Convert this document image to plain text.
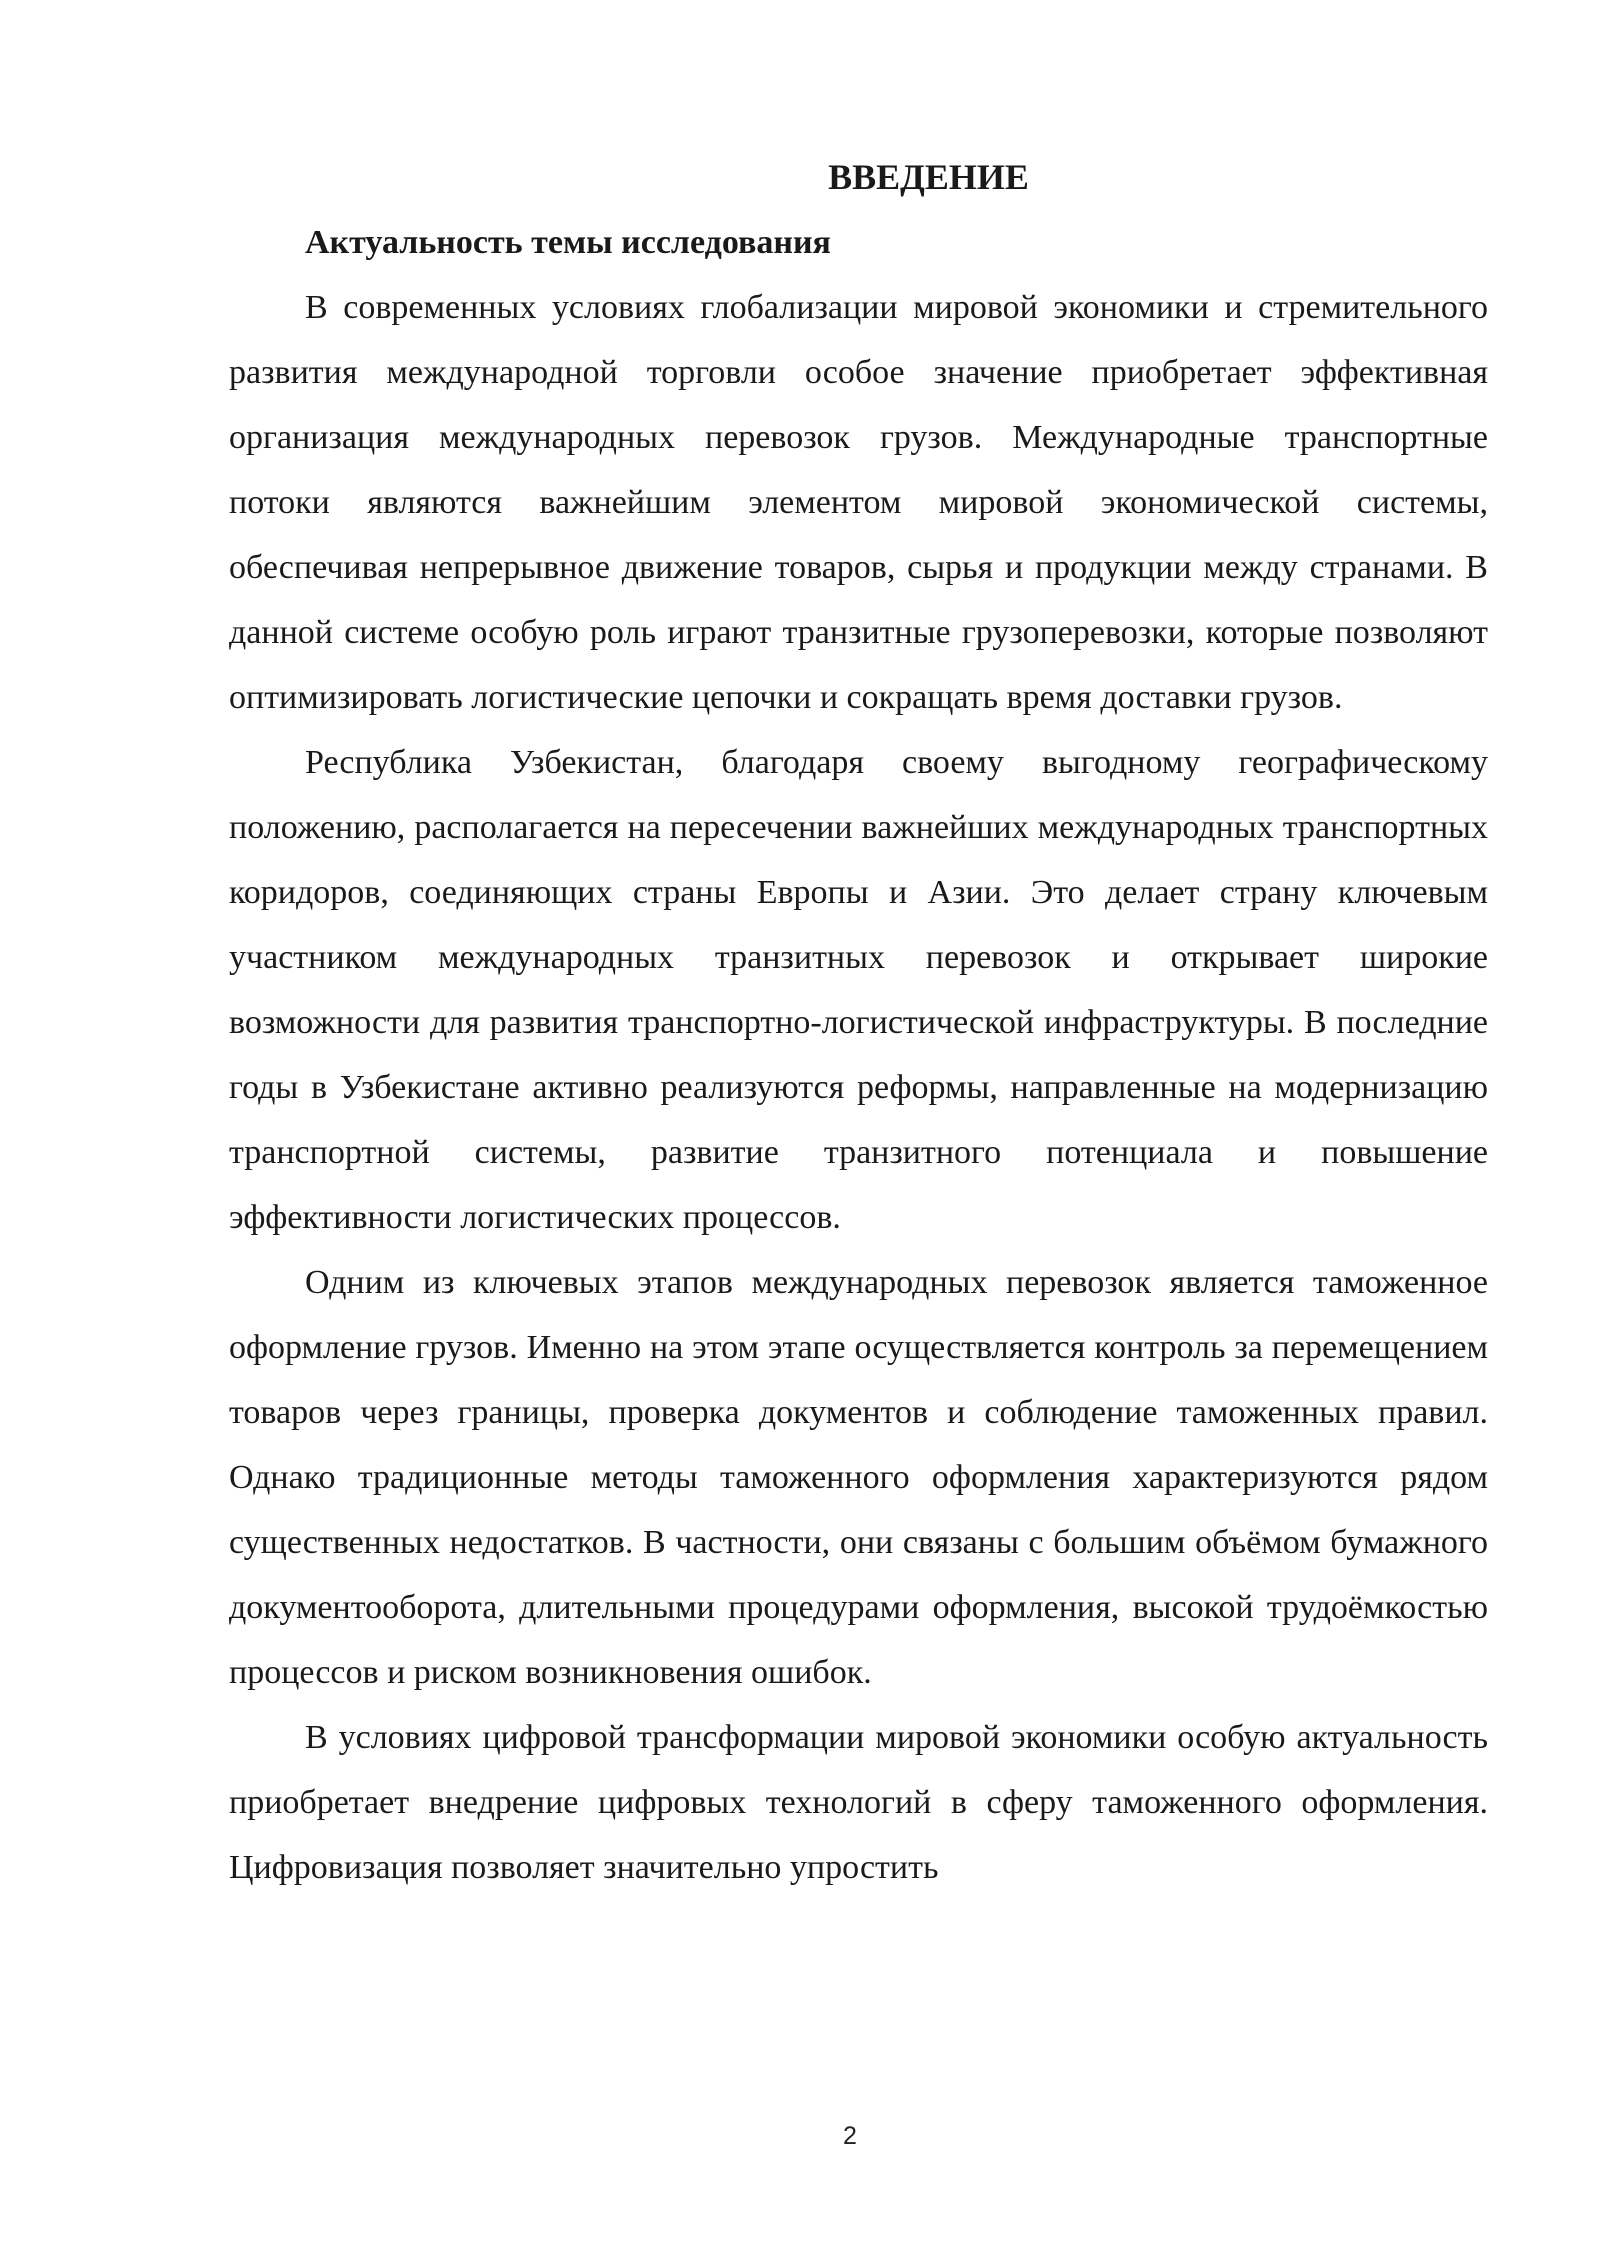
ВВЕДЕНИЕ
Актуальность темы исследования

В современных условиях глобализации мировой экономики и стремительного развития международной торговли особое значение приобретает эффективная организация международных перевозок грузов. Международные транспортные потоки являются важнейшим элементом мировой экономической системы, обеспечивая непрерывное движение товаров, сырья и продукции между странами. В данной системе особую роль играют транзитные грузоперевозки, которые позволяют оптимизировать логистические цепочки и сокращать время доставки грузов.

Республика Узбекистан, благодаря своему выгодному географическому положению, располагается на пересечении важнейших международных транспортных коридоров, соединяющих страны Европы и Азии. Это делает страну ключевым участником международных транзитных перевозок и открывает широкие возможности для развития транспортно-логистической инфраструктуры. В последние годы в Узбекистане активно реализуются реформы, направленные на модернизацию транспортной системы, развитие транзитного потенциала и повышение эффективности логистических процессов.

Одним из ключевых этапов международных перевозок является таможенное оформление грузов. Именно на этом этапе осуществляется контроль за перемещением товаров через границы, проверка документов и соблюдение таможенных правил. Однако традиционные методы таможенного оформления характеризуются рядом существенных недостатков. В частности, они связаны с большим объёмом бумажного документооборота, длительными процедурами оформления, высокой трудоёмкостью процессов и риском возникновения ошибок.

В условиях цифровой трансформации мировой экономики особую актуальность приобретает внедрение цифровых технологий в сферу таможенного оформления. Цифровизация позволяет значительно упростить

2
